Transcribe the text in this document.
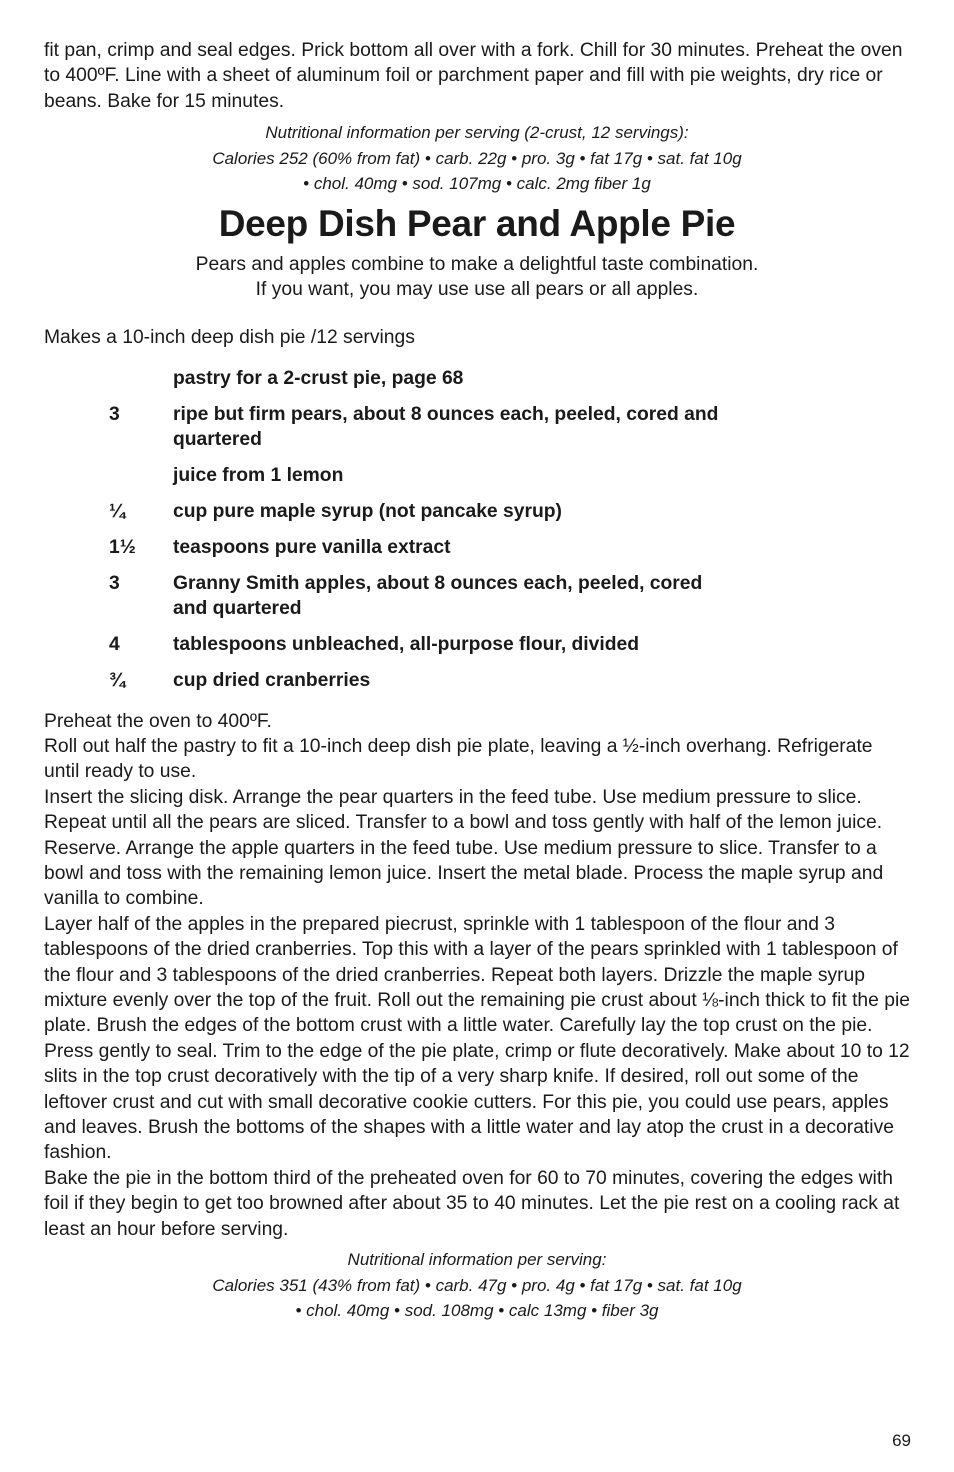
fit pan, crimp and seal edges. Prick bottom all over with a fork. Chill for 30 minutes. Preheat the oven to 400ºF. Line with a sheet of aluminum foil or parchment paper and fill with pie weights, dry rice or beans. Bake for 15 minutes.

Nutritional information per serving (2-crust, 12 servings):
Calories 252 (60% from fat) • carb. 22g • pro. 3g • fat 17g • sat. fat 10g
• chol. 40mg • sod. 107mg • calc. 2mg fiber 1g
Deep Dish Pear and Apple Pie
Pears and apples combine to make a delightful taste combination.
If you want, you may use use all pears or all apples.

Makes a 10-inch deep dish pie /12 servings

pastry for a 2-crust pie, page 68
3	ripe but firm pears, about 8 ounces each, peeled, cored and quartered
juice from 1 lemon
¼	cup pure maple syrup (not pancake syrup)
1½	teaspoons pure vanilla extract
3	Granny Smith apples, about 8 ounces each, peeled, cored and quartered
4	tablespoons unbleached, all-purpose flour, divided
¾	cup dried cranberries

Preheat the oven to 400ºF.

Roll out half the pastry to fit a 10-inch deep dish pie plate, leaving a ½-inch overhang. Refrigerate until ready to use.

Insert the slicing disk. Arrange the pear quarters in the feed tube. Use medium pressure to slice. Repeat until all the pears are sliced. Transfer to a bowl and toss gently with half of the lemon juice. Reserve. Arrange the apple quarters in the feed tube. Use medium pressure to slice. Transfer to a bowl and toss with the remaining lemon juice. Insert the metal blade. Process the maple syrup and vanilla to combine.

Layer half of the apples in the prepared piecrust, sprinkle with 1 tablespoon of the flour and 3 tablespoons of the dried cranberries. Top this with a layer of the pears sprinkled with 1 tablespoon of the flour and 3 tablespoons of the dried cranberries. Repeat both layers. Drizzle the maple syrup mixture evenly over the top of the fruit. Roll out the remaining pie crust about ⅛-inch thick to fit the pie plate. Brush the edges of the bottom crust with a little water. Carefully lay the top crust on the pie. Press gently to seal. Trim to the edge of the pie plate, crimp or flute decoratively. Make about 10 to 12 slits in the top crust decoratively with the tip of a very sharp knife. If desired, roll out some of the leftover crust and cut with small decorative cookie cutters. For this pie, you could use pears, apples and leaves. Brush the bottoms of the shapes with a little water and lay atop the crust in a decorative fashion.

Bake the pie in the bottom third of the preheated oven for 60 to 70 minutes, covering the edges with foil if they begin to get too browned after about 35 to 40 minutes. Let the pie rest on a cooling rack at least an hour before serving.

Nutritional information per serving:
Calories 351 (43% from fat) • carb. 47g • pro. 4g • fat 17g • sat. fat 10g
• chol. 40mg • sod. 108mg • calc 13mg • fiber 3g
69
